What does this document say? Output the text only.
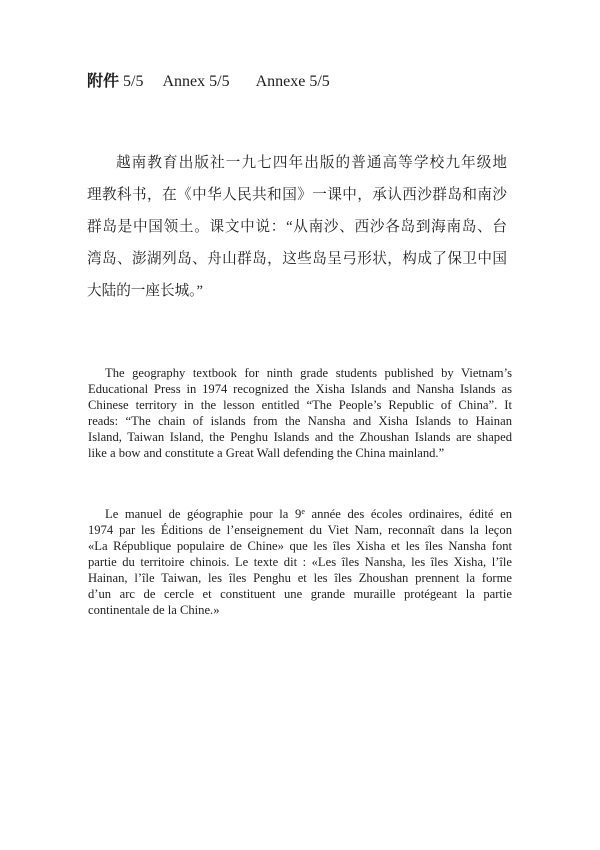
附件 5/5 Annex 5/5 Annexe 5/5
越南教育出版社一九七四年出版的普通高等学校九年级地
理教科书，在《中华人民共和国》一课中，承认西沙群岛和南沙
群岛是中国领土。课文中说：“从南沙、西沙各岛到海南岛、台
湾岛、澎湖列岛、舟山群岛，这些岛呈弓形状，构成了保卫中国
大陆的一座长城。”
The geography textbook for ninth grade students published by Vietnam’s
Educational Press in 1974 recognized the Xisha Islands and Nansha Islands as
Chinese territory in the lesson entitled “The People’s Republic of China”. It
reads: “The chain of islands from the Nansha and Xisha Islands to Hainan
Island, Taiwan Island, the Penghu Islands and the Zhoushan Islands are shaped
like a bow and constitute a Great Wall defending the China mainland.”
Le manuel de géographie pour la 9e année des écoles ordinaires, édité en
1974 par les Éditions de l’enseignement du Viet Nam, reconnaît dans la leçon
«La République populaire de Chine» que les îles Xisha et les îles Nansha font
partie du territoire chinois. Le texte dit : «Les îles Nansha, les îles Xisha, l’île
Hainan, l’île Taiwan, les îles Penghu et les îles Zhoushan prennent la forme
d’un arc de cercle et constituent une grande muraille protégeant la partie
continentale de la Chine.»
